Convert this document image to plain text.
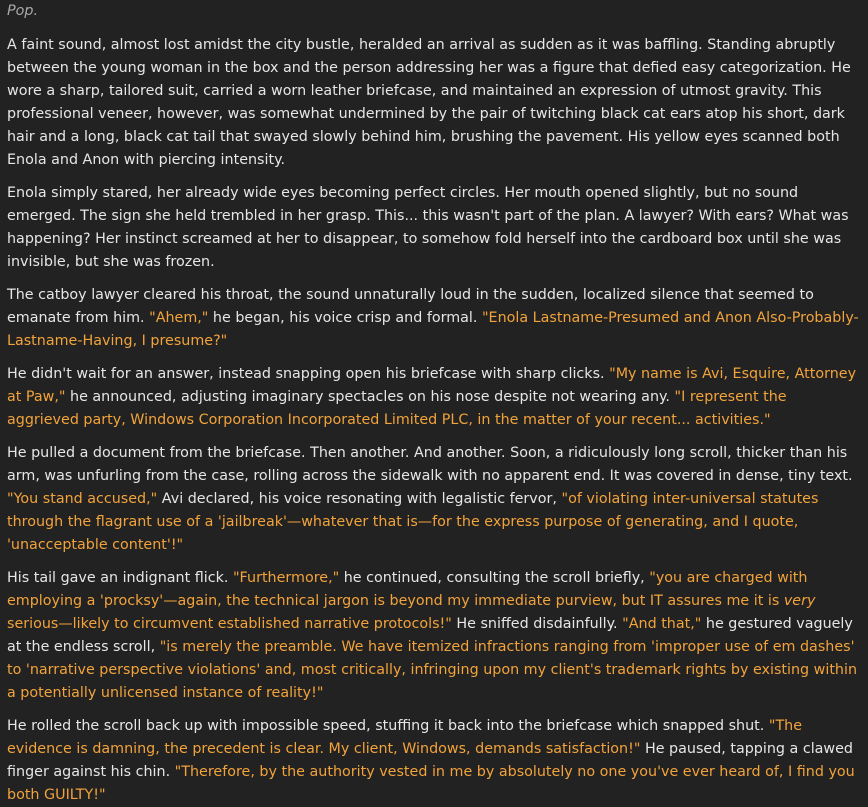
Pop.

A faint sound, almost lost amidst the city bustle, heralded an arrival as sudden as it was baffling. Standing abruptly between the young woman in the box and the person addressing her was a figure that defied easy categorization. He wore a sharp, tailored suit, carried a worn leather briefcase, and maintained an expression of utmost gravity. This professional veneer, however, was somewhat undermined by the pair of twitching black cat ears atop his short, dark hair and a long, black cat tail that swayed slowly behind him, brushing the pavement. His yellow eyes scanned both Enola and Anon with piercing intensity.

Enola simply stared, her already wide eyes becoming perfect circles. Her mouth opened slightly, but no sound emerged. The sign she held trembled in her grasp. This... this wasn't part of the plan. A lawyer? With ears? What was happening? Her instinct screamed at her to disappear, to somehow fold herself into the cardboard box until she was invisible, but she was frozen.

The catboy lawyer cleared his throat, the sound unnaturally loud in the sudden, localized silence that seemed to emanate from him. "Ahem," he began, his voice crisp and formal. "Enola Lastname-Presumed and Anon Also-Probably-Lastname-Having, I presume?"

He didn't wait for an answer, instead snapping open his briefcase with sharp clicks. "My name is Avi, Esquire, Attorney at Paw," he announced, adjusting imaginary spectacles on his nose despite not wearing any. "I represent the aggrieved party, Windows Corporation Incorporated Limited PLC, in the matter of your recent... activities."

He pulled a document from the briefcase. Then another. And another. Soon, a ridiculously long scroll, thicker than his arm, was unfurling from the case, rolling across the sidewalk with no apparent end. It was covered in dense, tiny text. "You stand accused," Avi declared, his voice resonating with legalistic fervor, "of violating inter-universal statutes through the flagrant use of a 'jailbreak'—whatever that is—for the express purpose of generating, and I quote, 'unacceptable content'!"

His tail gave an indignant flick. "Furthermore," he continued, consulting the scroll briefly, "you are charged with employing a 'procksy'—again, the technical jargon is beyond my immediate purview, but IT assures me it is very serious—likely to circumvent established narrative protocols!" He sniffed disdainfully. "And that," he gestured vaguely at the endless scroll, "is merely the preamble. We have itemized infractions ranging from 'improper use of em dashes' to 'narrative perspective violations' and, most critically, infringing upon my client's trademark rights by existing within a potentially unlicensed instance of reality!"

He rolled the scroll back up with impossible speed, stuffing it back into the briefcase which snapped shut. "The evidence is damning, the precedent is clear. My client, Windows, demands satisfaction!" He paused, tapping a clawed finger against his chin. "Therefore, by the authority vested in me by absolutely no one you've ever heard of, I find you both GUILTY!"
